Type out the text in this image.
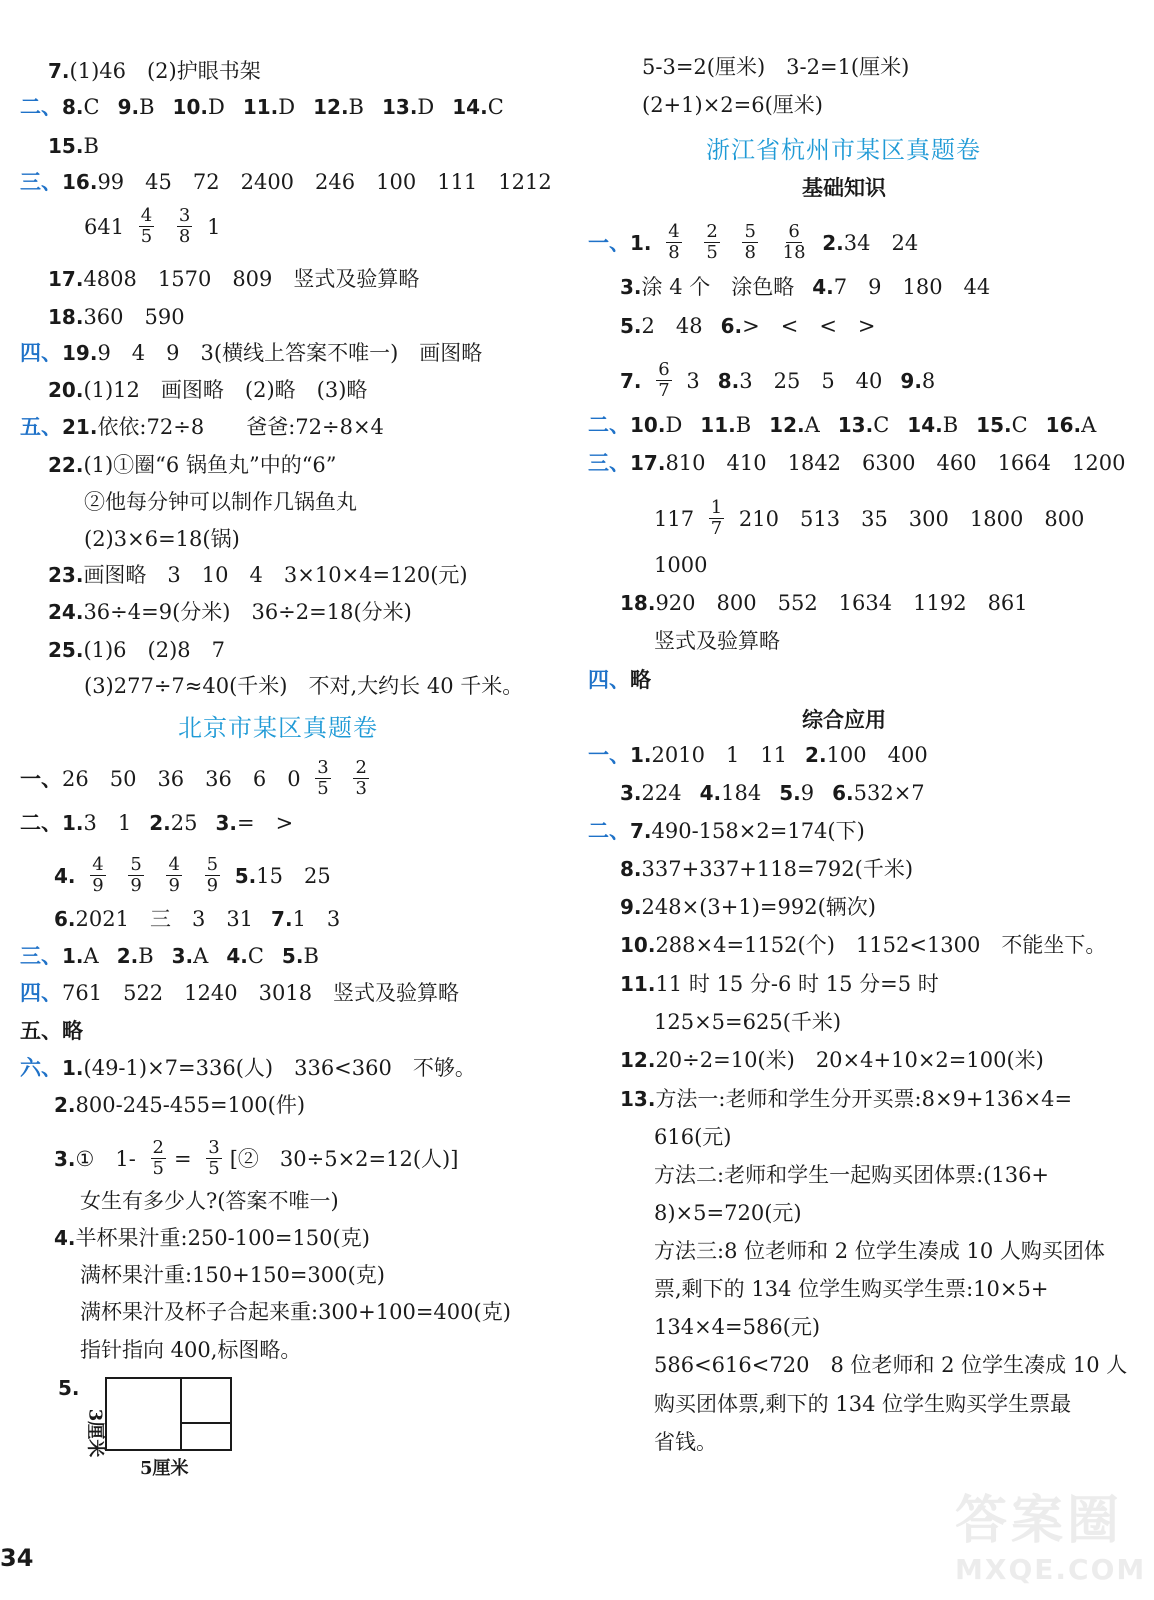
7.(1)46　(2)护眼书架
二、8.C 9.B 10.D 11.D 12.B 13.D 14.C
15.B
三、16.99　45　72　2400　246　100　111　1212
$641 \frac{4}{5}$
$\frac{3}{8} 1$
17.4808　1570　809　竖式及验算略
18.360　590
四、19.9　4　9　3(横线上答案不唯一)　画图略
20.(1)12　画图略　(2)略　(3)略
五、21.依依:72÷8　　爸爸:72÷8×4
22.(1)①圈“6 锅鱼丸”中的“6”
②他每分钟可以制作几锅鱼丸
(2)3×6=18(锅)
23.画图略　3　10　4　3×10×4=120(元)
24.36÷4=9(分米)　36÷2=18(分米)
25.(1)6　(2)8　7
(3)277÷7≈40(千米)　不对,大约长 40 千米。
北京市某区真题卷
一、26　50　36　36　6　$0 \frac{3}{5}$
$\frac{2}{3}$
二、1.3　1 2.25 3.=　>
4. $\frac{4}{9}$
$\frac{5}{9}$
$\frac{4}{9}$
$\frac{5}{9} 5.15$　25
6.2021　三　3　31 7.1　3
三、1.A 2.B 3.A 4.C 5.B
四、761　522　1240　3018　竖式及验算略
五、略
六、1.(49-1)×7=336(人)　336<360　不够。
2.800-245-455=100(件)
3.①　$1- \frac{2}{5} = \frac{3}{5}$ [②　30÷5×2=12(人)]
女生有多少人?(答案不唯一)
4.半杯果汁重:250-100=150(克)
满杯果汁重:150+150=300(克)
满杯果汁及杯子合起来重:300+100=400(克)
指针指向 400,标图略。
5.
3厘米
5厘米
5-3=2(厘米)　3-2=1(厘米)
(2+1)×2=6(厘米)
浙江省杭州市某区真题卷
基础知识
一、1. $\frac{4}{8}$
$\frac{2}{5}$
$\frac{5}{8}$
$\frac{6}{18} 2.34$　24
3.涂 4 个　涂色略 4.7　9　180　44
5.2　48 6.>　<　<　>
7. $\frac{6}{7} 3$ 8.3　25　5　40 9.8
二、10.D 11.B 12.A 13.C 14.B 15.C 16.A
三、17.810　410　1842　6300　460　1664　1200
$117 \frac{1}{7} 210$　513　35　300　1800　800
1000
18.920　800　552　1634　1192　861
竖式及验算略
四、略
综合应用
一、1.2010　1　11 2.100　400
3.224 4.184 5.9 6.532×7
二、7.490-158×2=174(下)
8.337+337+118=792(千米)
9.248×(3+1)=992(辆次)
10.288×4=1152(个)　1152<1300　不能坐下。
11.11 时 15 分-6 时 15 分=5 时
125×5=625(千米)
12.20÷2=10(米)　20×4+10×2=100(米)
13.方法一:老师和学生分开买票:8×9+136×4=
616(元)
方法二:老师和学生一起购买团体票:(136+
8)×5=720(元)
方法三:8 位老师和 2 位学生凑成 10 人购买团体
票,剩下的 134 位学生购买学生票:10×5+
134×4=586(元)
586<616<720　8 位老师和 2 位学生凑成 10 人
购买团体票,剩下的 134 位学生购买学生票最
省钱。
34
答案圈
MXQE.COM
